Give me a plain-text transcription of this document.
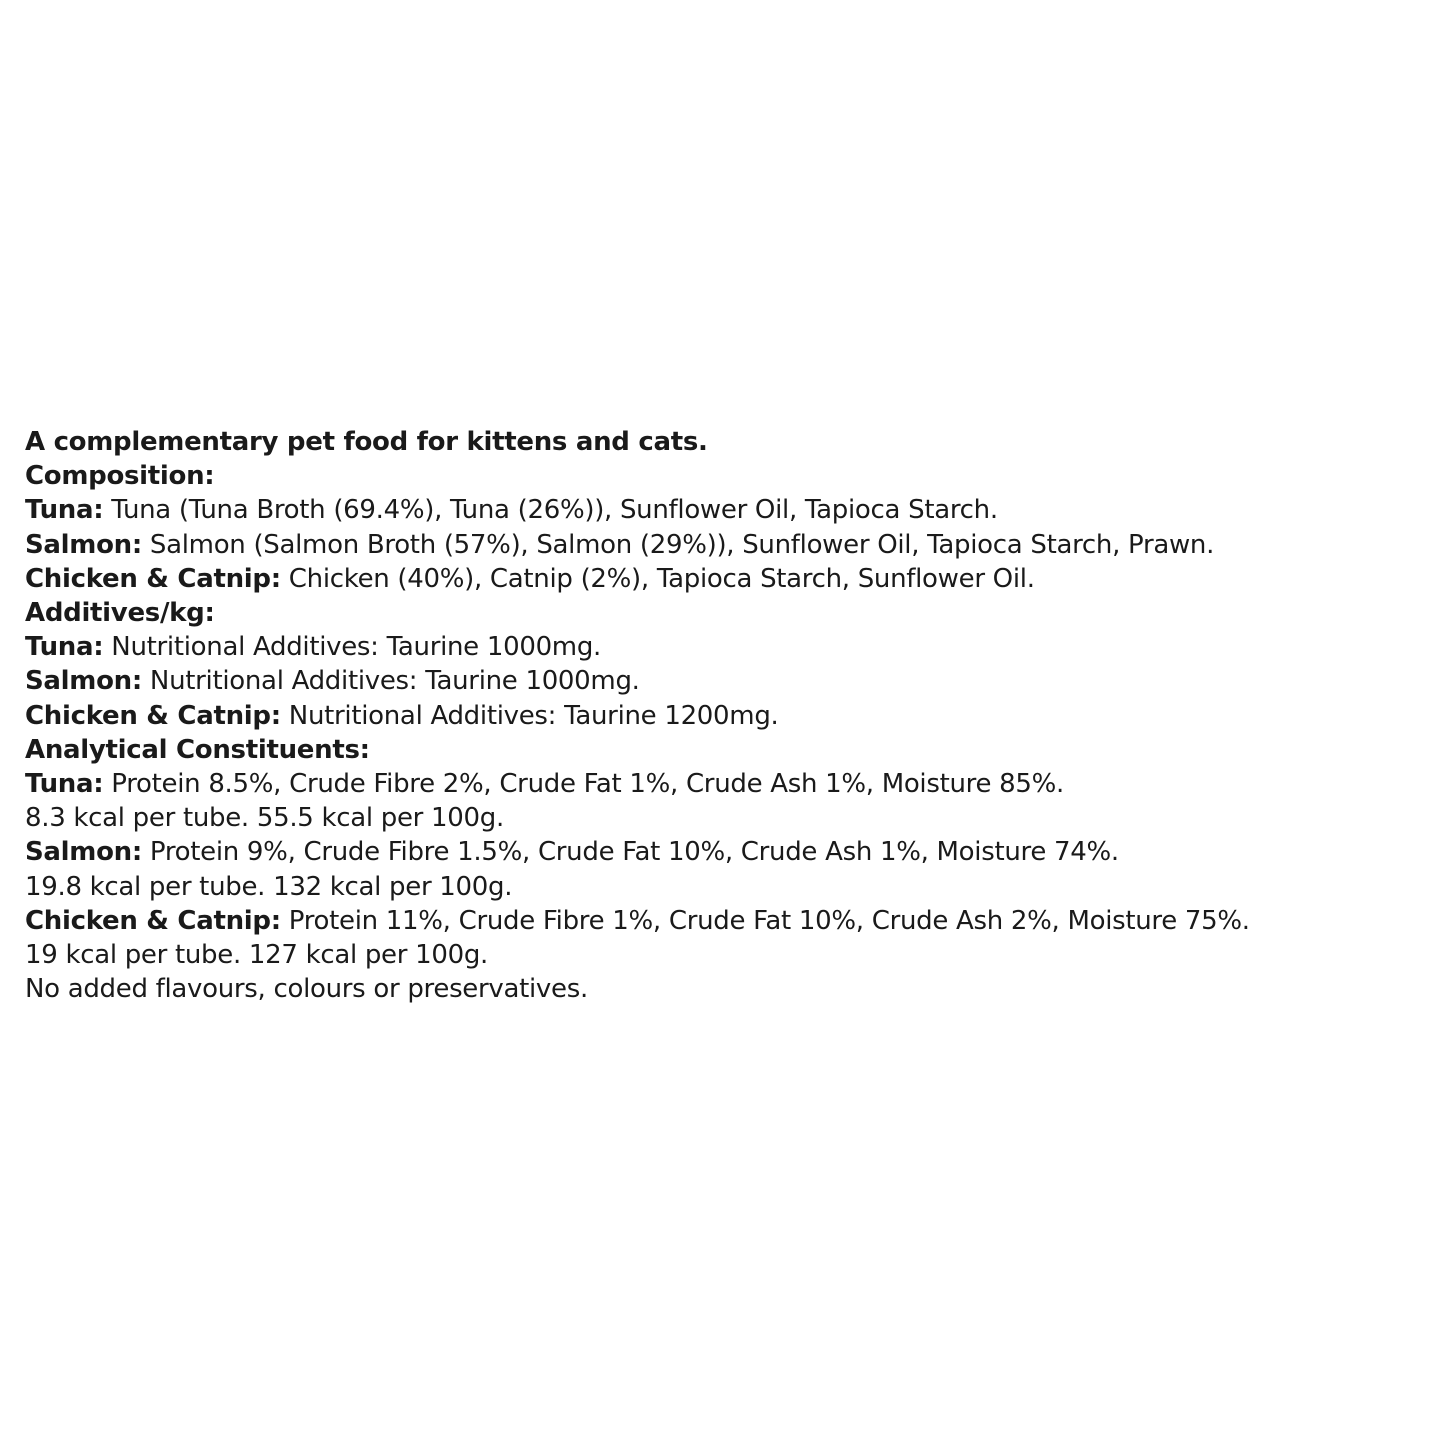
A complementary pet food for kittens and cats.
Composition:
Tuna: Tuna (Tuna Broth (69.4%), Tuna (26%)), Sunflower Oil, Tapioca Starch.
Salmon: Salmon (Salmon Broth (57%), Salmon (29%)), Sunflower Oil, Tapioca Starch, Prawn.
Chicken & Catnip: Chicken (40%), Catnip (2%), Tapioca Starch, Sunflower Oil.
Additives/kg:
Tuna: Nutritional Additives: Taurine 1000mg.
Salmon: Nutritional Additives: Taurine 1000mg.
Chicken & Catnip: Nutritional Additives: Taurine 1200mg.
Analytical Constituents:
Tuna: Protein 8.5%, Crude Fibre 2%, Crude Fat 1%, Crude Ash 1%, Moisture 85%.
8.3 kcal per tube. 55.5 kcal per 100g.
Salmon: Protein 9%, Crude Fibre 1.5%, Crude Fat 10%, Crude Ash 1%, Moisture 74%.
19.8 kcal per tube. 132 kcal per 100g.
Chicken & Catnip: Protein 11%, Crude Fibre 1%, Crude Fat 10%, Crude Ash 2%, Moisture 75%.
19 kcal per tube. 127 kcal per 100g.
No added flavours, colours or preservatives.
